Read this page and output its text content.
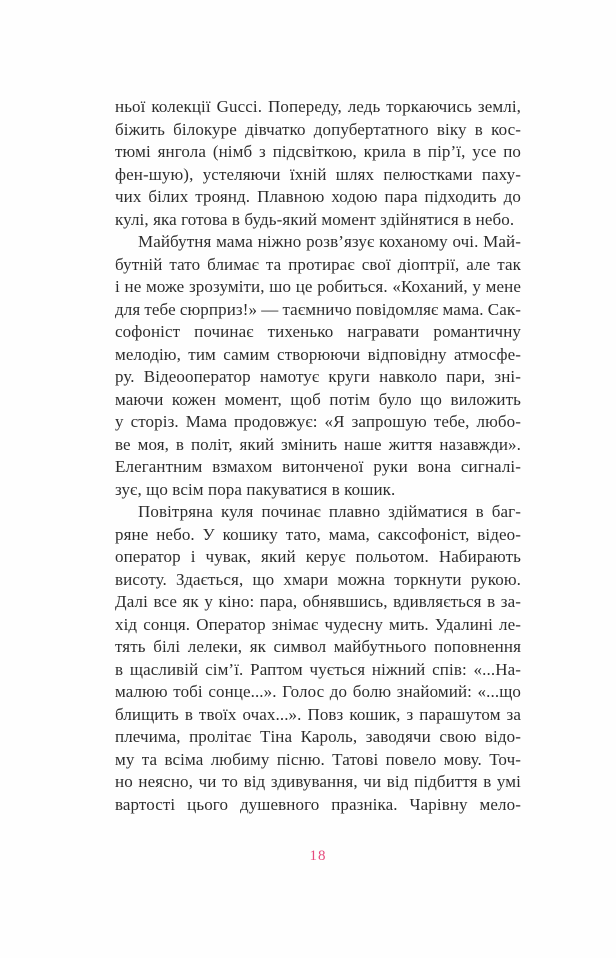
ньої колекції Gucci. Попереду, ледь торкаючись землі,
біжить білокуре дівчатко допубертатного віку в кос-
тюмі янгола (німб з підсвіткою, крила в пір’ї, усе по
фен-шую), устеляючи їхній шлях пелюстками паху-
чих білих троянд. Плавною ходою пара підходить до
кулі, яка готова в будь-який момент здійнятися в небо.
Майбутня мама ніжно розв’язує коханому очі. Май-
бутній тато блимає та протирає свої діоптрії, але так
і не може зрозуміти, шо це робиться. «Коханий, у мене
для тебе сюрприз!» — таємничо повідомляє мама. Сак-
софоніст починає тихенько награвати романтичну
мелодію, тим самим створюючи відповідну атмосфе-
ру. Відеооператор намотує круги навколо пари, зні-
маючи кожен момент, щоб потім було що виложить
у сторіз. Мама продовжує: «Я запрошую тебе, любо-
ве моя, в політ, який змінить наше життя назавжди».
Елегантним взмахом витонченої руки вона сигналі-
зує, що всім пора пакуватися в кошик.
Повітряна куля починає плавно здійматися в баг-
ряне небо. У кошику тато, мама, саксофоніст, відео-
оператор і чувак, який керує польотом. Набирають
висоту. Здається, що хмари можна торкнути рукою.
Далі все як у кіно: пара, обнявшись, вдивляється в за-
хід сонця. Оператор знімає чудесну мить. Удалині ле-
тять білі лелеки, як символ майбутнього поповнення
в щасливій сім’ї. Раптом чується ніжний спів: «...На-
малюю тобі сонце...». Голос до болю знайомий: «...що
блищить в твоїх очах...». Повз кошик, з парашутом за
плечима, пролітає Тіна Кароль, заводячи свою відо-
му та всіма любиму пісню. Татові повело мову. Точ-
но неясно, чи то від здивування, чи від підбиття в умі
вартості цього душевного празніка. Чарівну мело-
18
